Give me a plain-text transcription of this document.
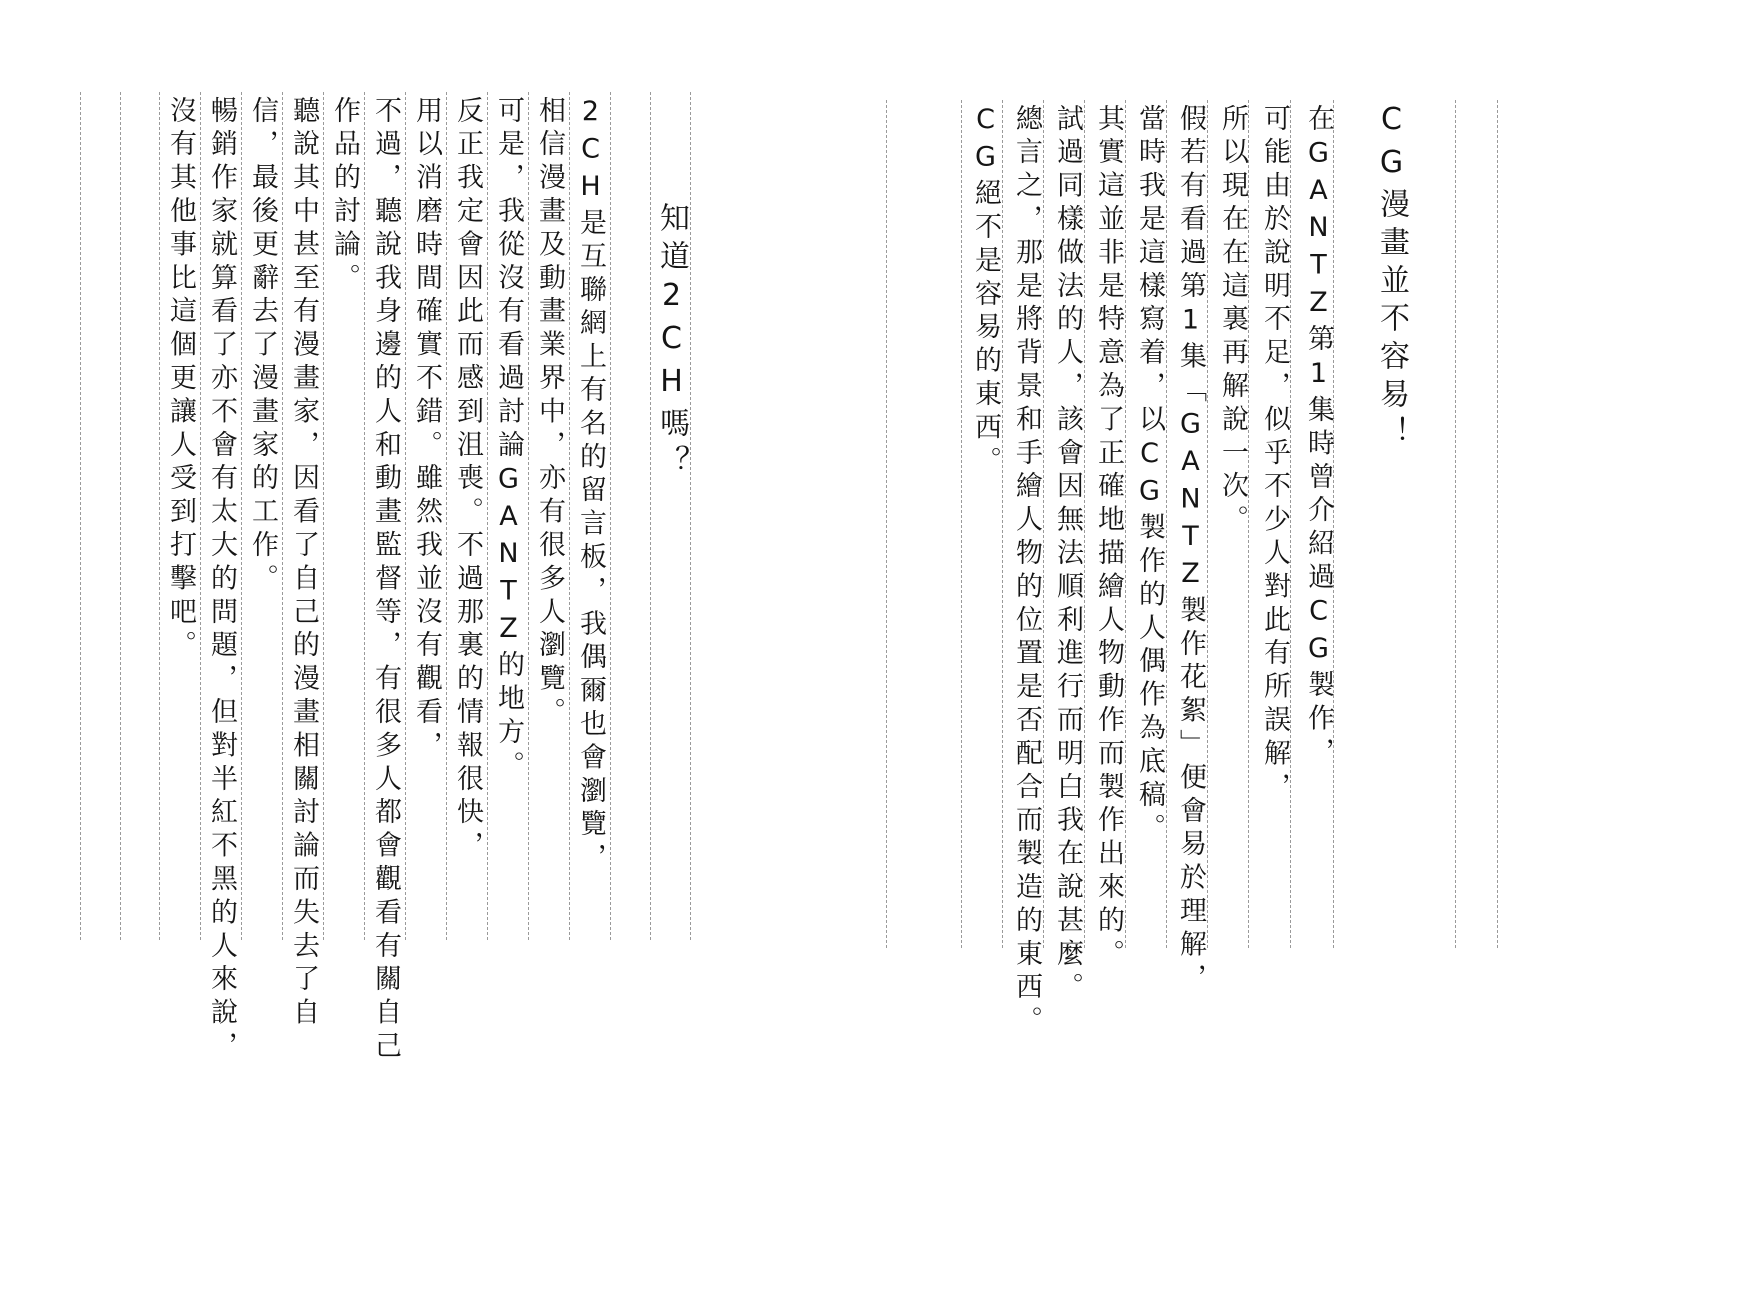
CG漫畫並不容易！
在GANTZ第1集時曾介紹過CG製作，
可能由於說明不足，似乎不少人對此有所誤解，
所以現在在這裏再解說一次。
假若有看過第1集「GANTZ製作花絮」便會易於理解，
當時我是這樣寫着，以CG製作的人偶作為底稿。
其實這並非是特意為了正確地描繪人物動作而製作出來的。
試過同樣做法的人，該會因無法順利進行而明白我在說甚麼。
總言之，那是將背景和手繪人物的位置是否配合而製造的東西。
CG絕不是容易的東西。
知道2CH嗎？
2CH是互聯網上有名的留言板，我偶爾也會瀏覽，
相信漫畫及動畫業界中，亦有很多人瀏覽。
可是，我從沒有看過討論GANTZ的地方。
反正我定會因此而感到沮喪。不過那裏的情報很快，
用以消磨時間確實不錯。雖然我並沒有觀看，
不過，聽說我身邊的人和動畫監督等，有很多人都會觀看有關自己
作品的討論。
聽說其中甚至有漫畫家，因看了自己的漫畫相關討論而失去了自
信，最後更辭去了漫畫家的工作。
暢銷作家就算看了亦不會有太大的問題，但對半紅不黑的人來說，
沒有其他事比這個更讓人受到打擊吧。
